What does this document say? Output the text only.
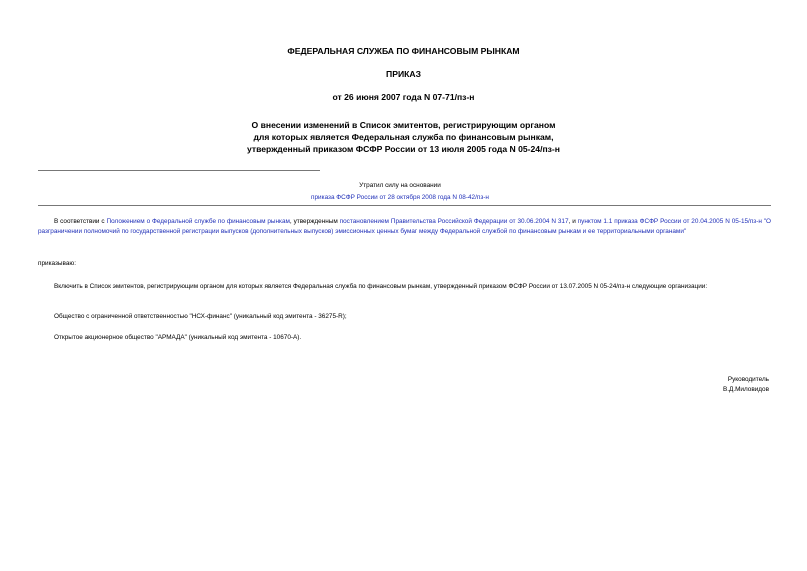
ФЕДЕРАЛЬНАЯ СЛУЖБА ПО ФИНАНСОВЫМ РЫНКАМ
ПРИКАЗ
от 26 июня 2007 года N 07-71/пз-н
О внесении изменений в Список эмитентов, регистрирующим органом
для которых является Федеральная служба по финансовым рынкам,
утвержденный приказом ФСФР России от 13 июля 2005 года N 05-24/пз-н
Утратил силу на основании
приказа ФСФР России от 28 октября 2008 года N 08-42/пз-н
В соответствии с Положением о Федеральной службе по финансовым рынкам, утвержденным постановлением Правительства Российской Федерации от 30.06.2004 N 317, и пунктом 1.1 приказа ФСФР России от 20.04.2005 N 05-15/пз-н "О разграничении полномочий по государственной регистрации выпусков (дополнительных выпусков) эмиссионных ценных бумаг между Федеральной службой по финансовым рынкам и ее территориальными органами"
приказываю:
Включить в Список эмитентов, регистрирующим органом для которых является Федеральная служба по финансовым рынкам, утвержденный приказом ФСФР России от 13.07.2005 N 05-24/пз-н следующие организации:
Общество с ограниченной ответственностью "НСХ-финанс" (уникальный код эмитента - 36275-R);
Открытое акционерное общество "АРМАДА" (уникальный код эмитента - 10670-А).
Руководитель
В.Д.Миловидов
